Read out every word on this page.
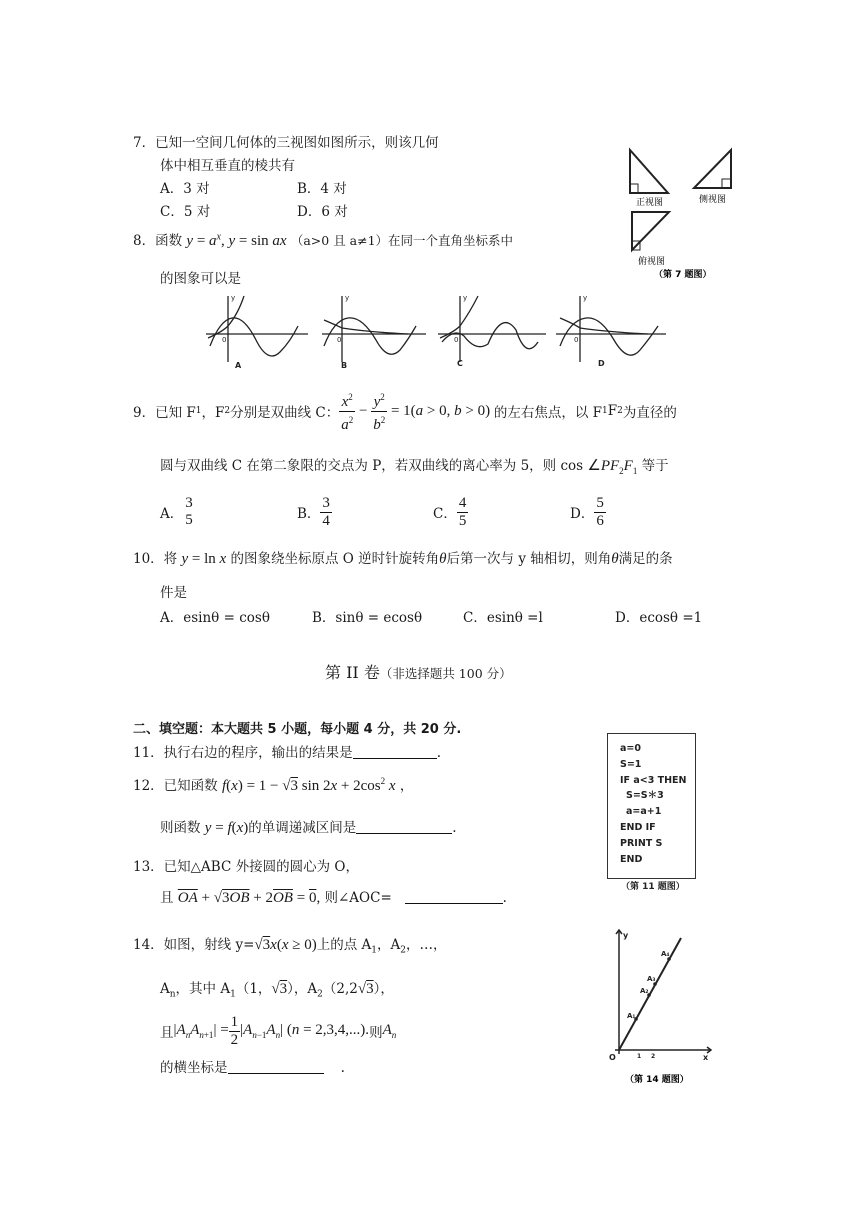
7．已知一空间几何体的三视图如图所示，则该几何
体中相互垂直的棱共有
A．3 对	B．4 对
C．5 对	D．6 对
正视图	侧视图
俯视图
（第 7 题图）
8．函数 $y = a^x$, y = sin ax （a>0 且 a≠1）在同一个直角坐标系中
的图象可以是
0	0	0	0
y	y	y	y
A	B	C	D
9．已知 F 1 ，F 2 分别是双曲线 C： $\frac{x^2}{a^2} - \frac{y^2}{b^2} = 1(a > 0$, b > 0) 的左右焦点，以 F 1 F 2 为直径的
圆与双曲线 C 在第二象限的交点为 P，若双曲线的离心率为 5，则 $\cos \angle PF_2F_1$ 等于
A．
3
5	B． $\frac{3}{4}$	C． $\frac{4}{5}$	D． $\frac{5}{6}$
10．将 y = ln x 的图象绕坐标原点 O 逆时针旋转角θ后第一次与 y 轴相切，则角θ满足的条
件是
A．esinθ = cosθ	B．sinθ = ecosθ	C．esinθ =l	D．ecosθ =1
第 II 卷（非选择题共 100 分）
二、填空题：本大题共 5 小题，每小题 4 分，共 20 分.
11．执行右边的程序，输出的结果是	.	a=0
S=1
IF a<3 THEN
S=S＊3
a=a+1
END IF
PRINT S
END
（第 11 题图）
12．已知函数 f(x) = 1 − √3 $\sin 2x + 2\cos^2$ x ，
则函数 y = f(x)的单调递减区间是	.
13．已知△ABC 外接圆的圆心为 O，
且 $\overline{OA} + √3\overline{OB} + 2\overline{OB} = 0$, 则∠AOC=	.
14．如图，射线 y=√3x(x ≥ 0)上的点 $A_1$，$A_2$，…，
$A_n$，其中 $A_1(1$，√3），$A_2(2,2√3)$，
且 $|A_nA_{n+1}| = \frac{1}{2} |A_{n-1}A_n|$ (n = 2,3,4,...). 则 $A_n$
的横坐标是	.
y
x
O	1 2
A₁
A₂
A₃
A₄
（第 14 题图）
